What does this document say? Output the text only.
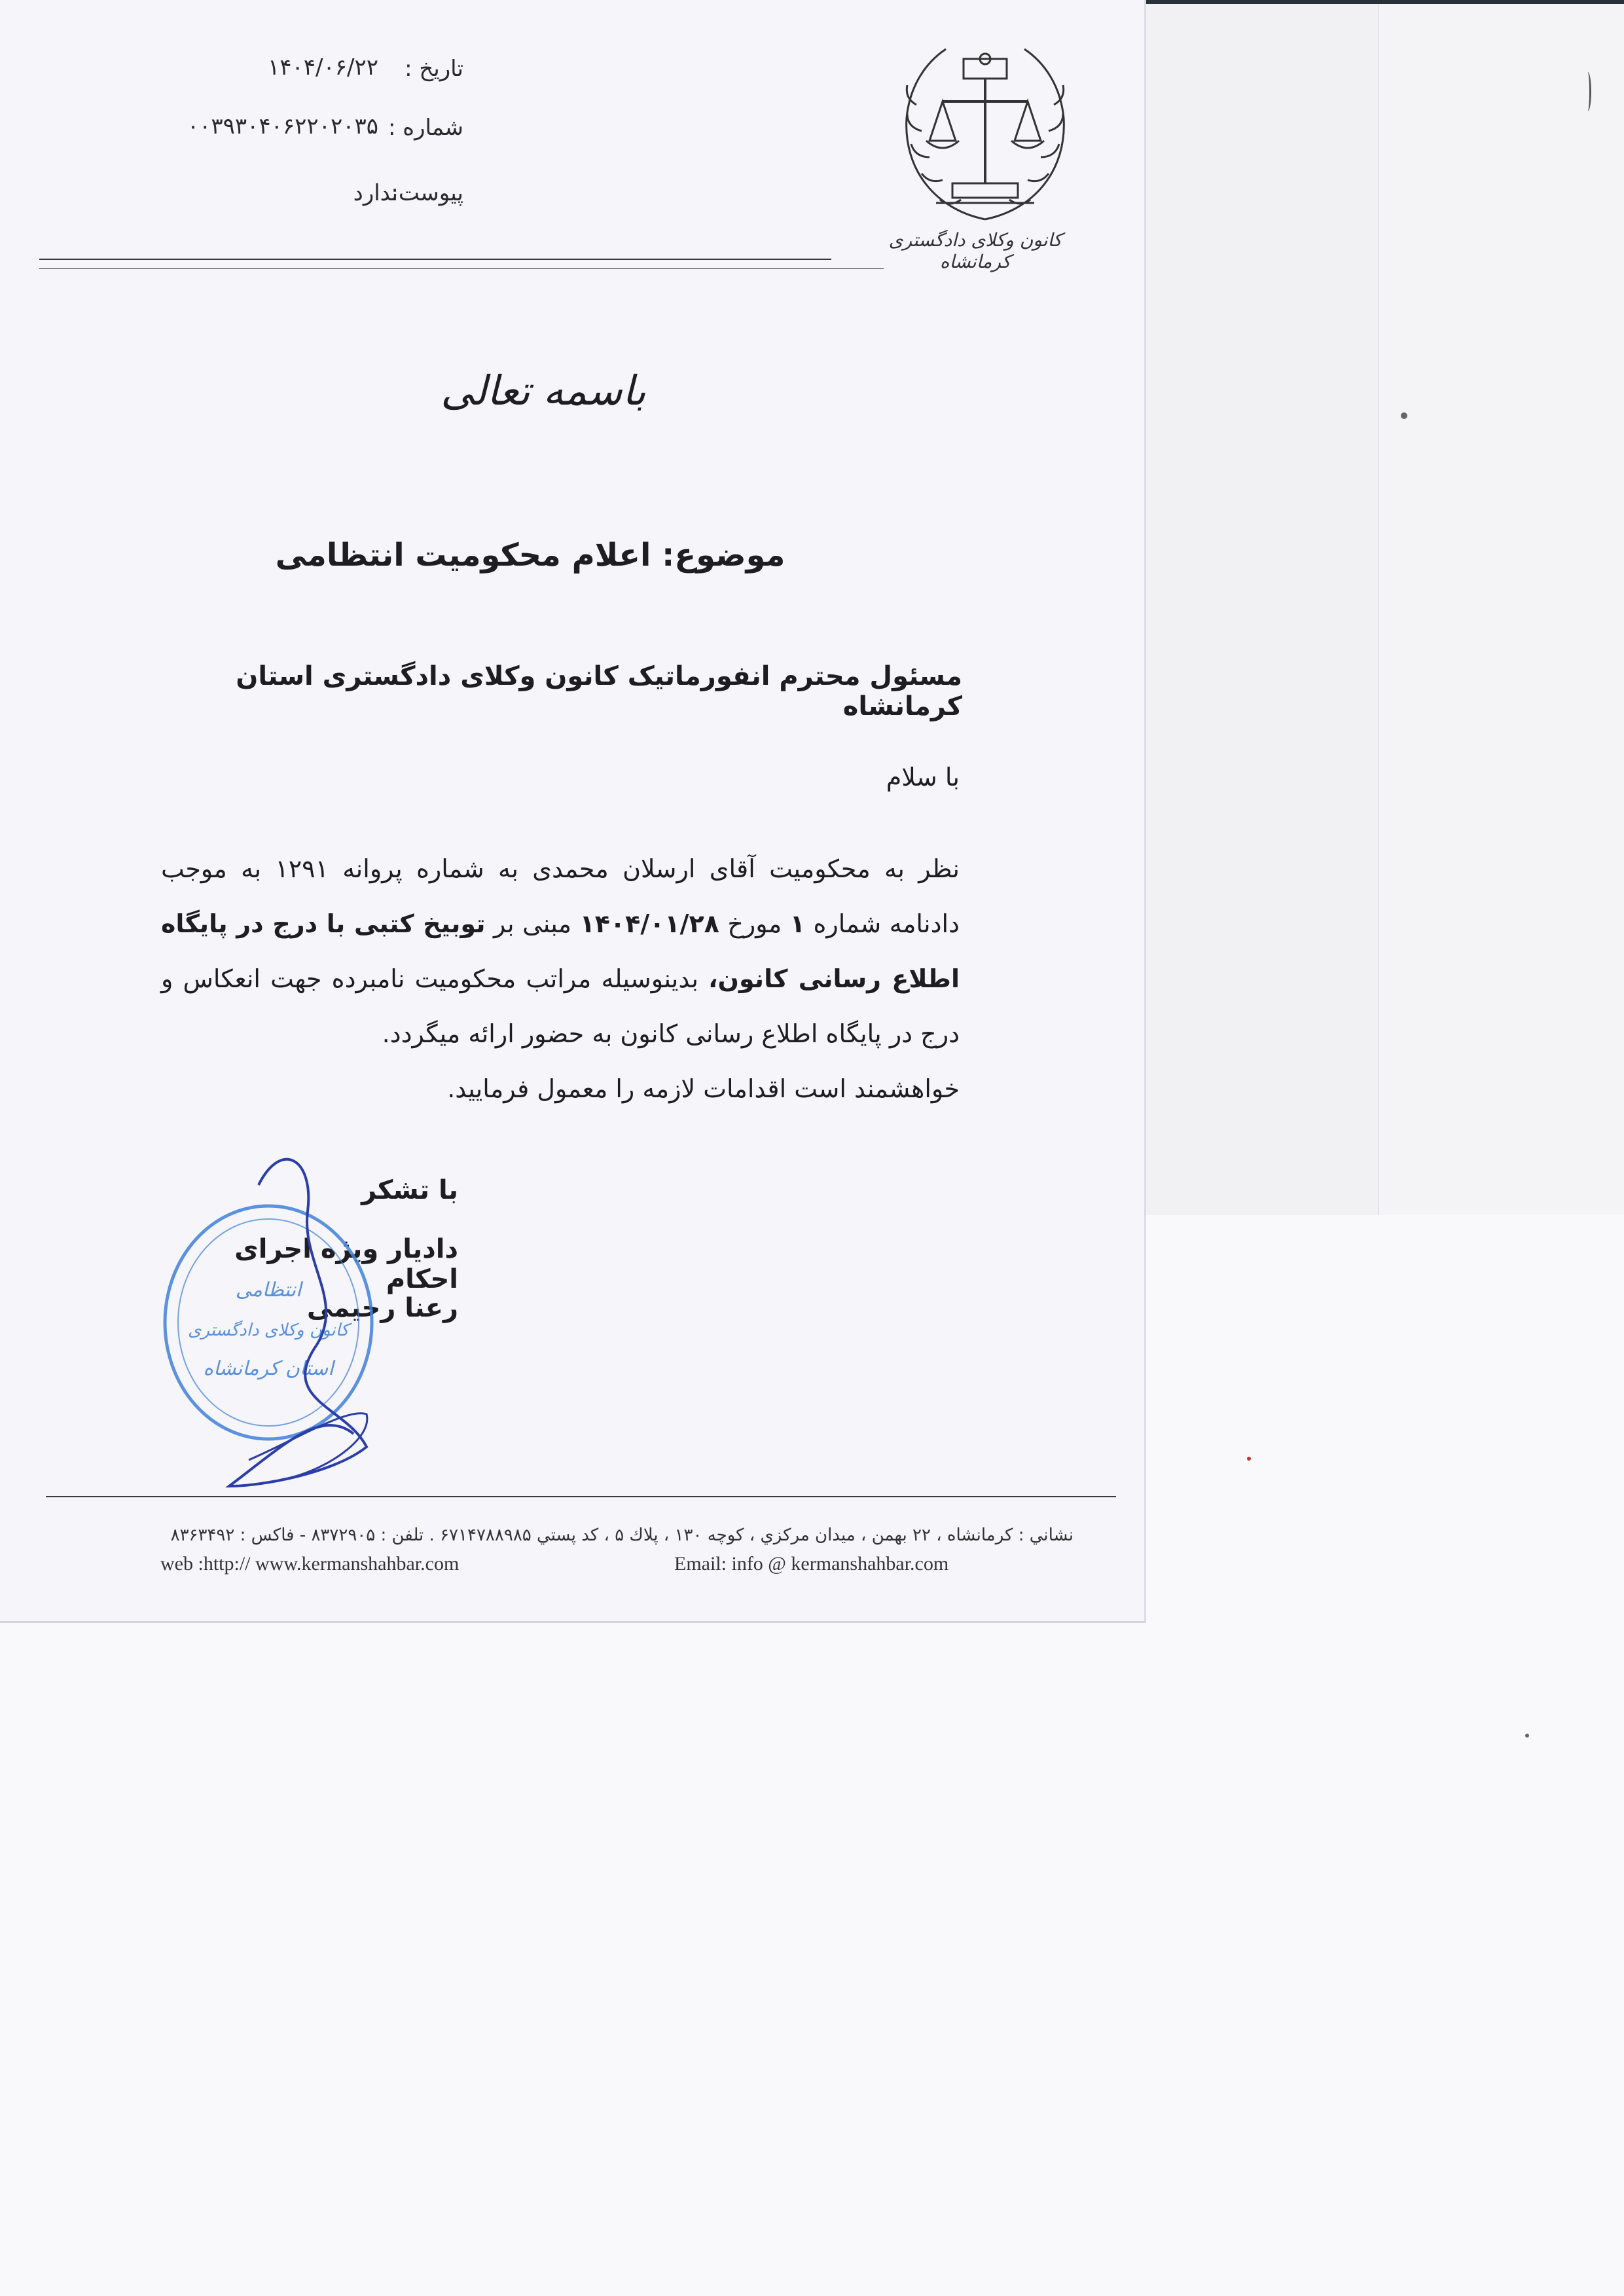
کانون وکلای دادگستری کرمانشاه
تاریخ :
۱۴۰۴/۰۶/۲۲
شماره :
۰۰۳۹۳۰۴۰۶۲۲۰۲۰۳۵
پیوست:
ندارد
باسمه تعالی
موضوع: اعلام محکومیت انتظامی
مسئول محترم انفورماتیک کانون وکلای دادگستری استان کرمانشاه
با سلام
نظر به محکومیت آقای ارسلان محمدی به شماره پروانه ۱۲۹۱ به موجب دادنامه شماره ۱ مورخ ۱۴۰۴/۰۱/۲۸ مبنی بر توبیخ کتبی با درج در پایگاه اطلاع رسانی کانون، بدینوسیله مراتب محکومیت نامبرده جهت انعکاس و درج در پایگاه اطلاع رسانی کانون به حضور ارائه میگردد.
خواهشمند است اقدامات لازمه را معمول فرمایید.
با تشکر
دادیار ویژه اجرای احکام
رعنا رحیمی
انتظامی
کانون وکلای دادگستری
استان کرمانشاه
نشاني : كرمانشاه ، ۲۲ بهمن ، ميدان مركزي ، كوچه ۱۳۰ ، پلاك ۵ ، كد پستي ۶۷۱۴۷۸۸۹۸۵ . تلفن : ۸۳۷۲۹۰۵ - فاكس : ۸۳۶۳۴۹۲
Email: info @ kermanshahbar.com
web :http:// www.kermanshahbar.com
